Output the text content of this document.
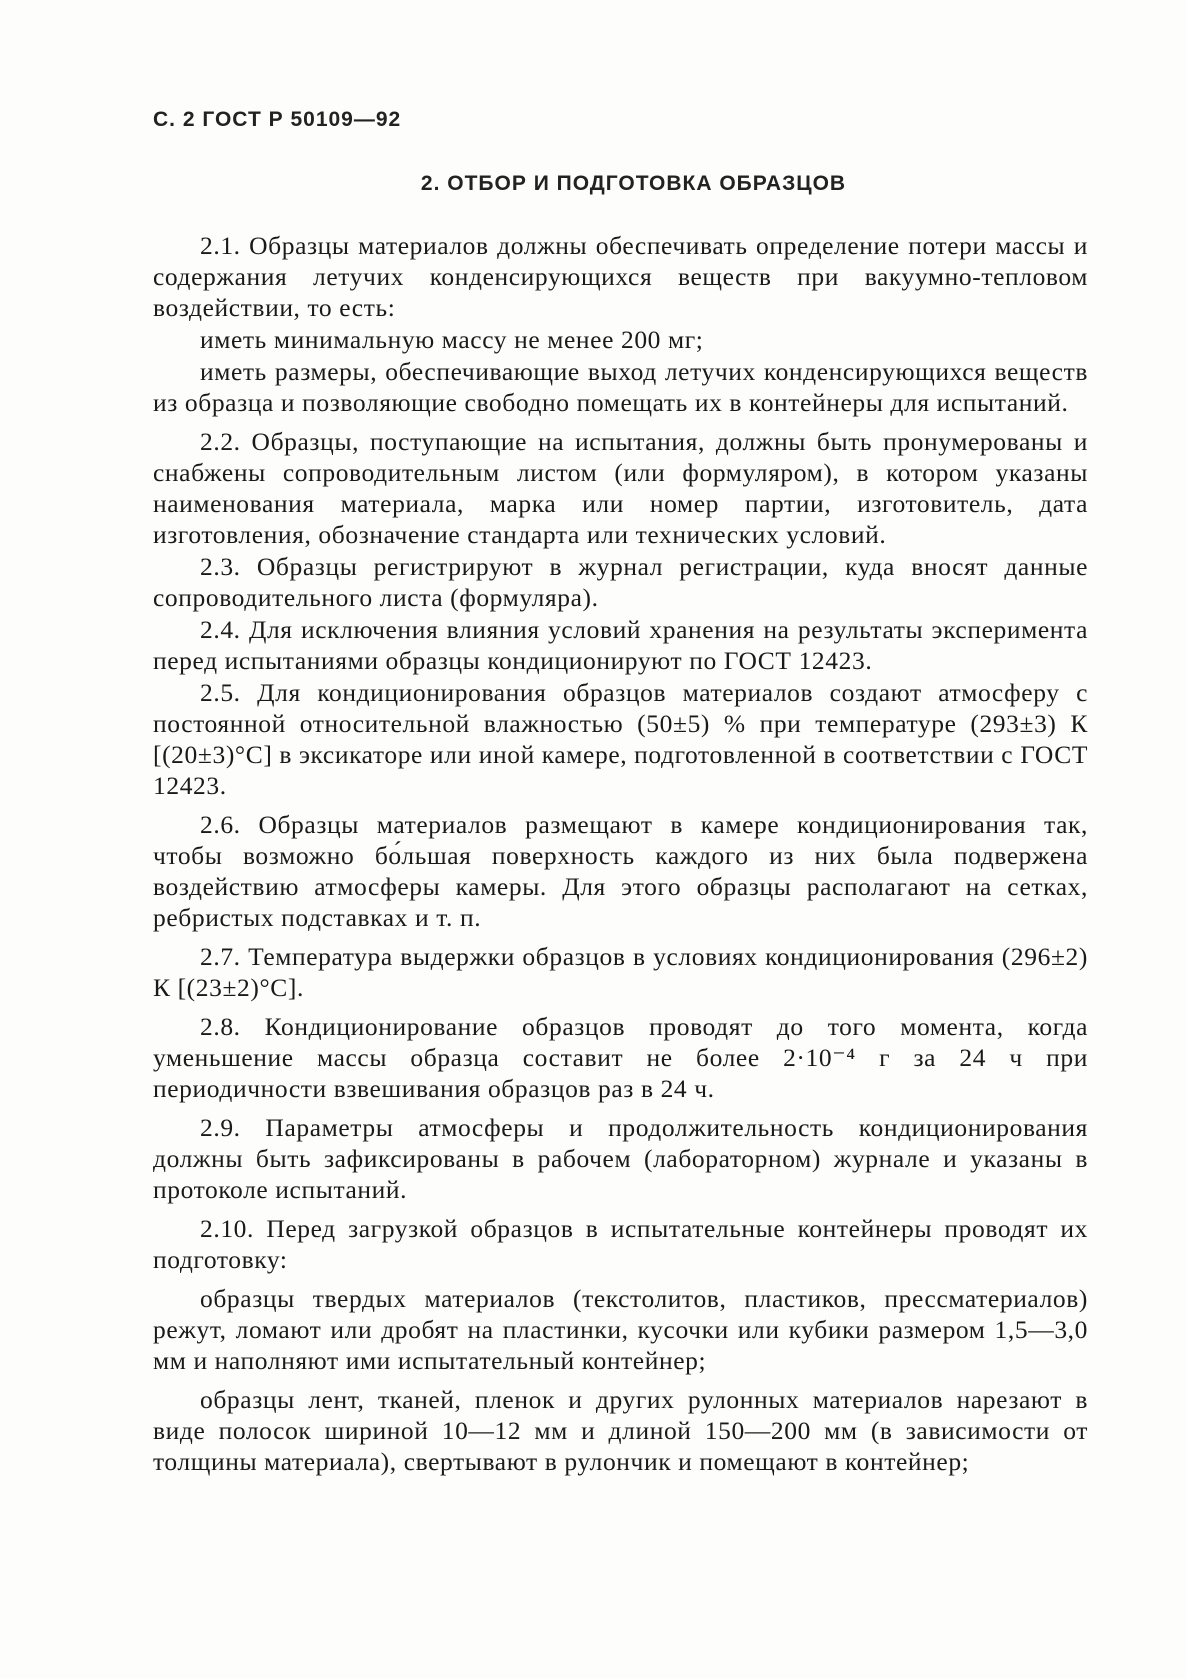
С. 2 ГОСТ Р 50109—92
2. ОТБОР И ПОДГОТОВКА ОБРАЗЦОВ

2.1. Образцы материалов должны обеспечивать определение потери массы и содержания летучих конденсирующихся веществ при вакуумно-тепловом воздействии, то есть:

иметь минимальную массу не менее 200 мг;

иметь размеры, обеспечивающие выход летучих конденсирующихся веществ из образца и позволяющие свободно помещать их в контейнеры для испытаний.

2.2. Образцы, поступающие на испытания, должны быть пронумерованы и снабжены сопроводительным листом (или формуляром), в котором указаны наименования материала, марка или номер партии, изготовитель, дата изготовления, обозначение стандарта или технических условий.

2.3. Образцы регистрируют в журнал регистрации, куда вносят данные сопроводительного листа (формуляра).

2.4. Для исключения влияния условий хранения на результаты эксперимента перед испытаниями образцы кондиционируют по ГОСТ 12423.

2.5. Для кондиционирования образцов материалов создают атмосферу с постоянной относительной влажностью (50±5) % при температуре (293±3) К [(20±3)°С] в эксикаторе или иной камере, подготовленной в соответствии с ГОСТ 12423.

2.6. Образцы материалов размещают в камере кондиционирования так, чтобы возможно бо́льшая поверхность каждого из них была подвержена воздействию атмосферы камеры. Для этого образцы располагают на сетках, ребристых подставках и т. п.

2.7. Температура выдержки образцов в условиях кондиционирования (296±2) К [(23±2)°С].

2.8. Кондиционирование образцов проводят до того момента, когда уменьшение массы образца составит не более 2·10⁻⁴ г за 24 ч при периодичности взвешивания образцов раз в 24 ч.

2.9. Параметры атмосферы и продолжительность кондиционирования должны быть зафиксированы в рабочем (лабораторном) журнале и указаны в протоколе испытаний.

2.10. Перед загрузкой образцов в испытательные контейнеры проводят их подготовку:

образцы твердых материалов (текстолитов, пластиков, прессматериалов) режут, ломают или дробят на пластинки, кусочки или кубики размером 1,5—3,0 мм и наполняют ими испытательный контейнер;

образцы лент, тканей, пленок и других рулонных материалов нарезают в виде полосок шириной 10—12 мм и длиной 150—200 мм (в зависимости от толщины материала), свертывают в рулончик и помещают в контейнер;
